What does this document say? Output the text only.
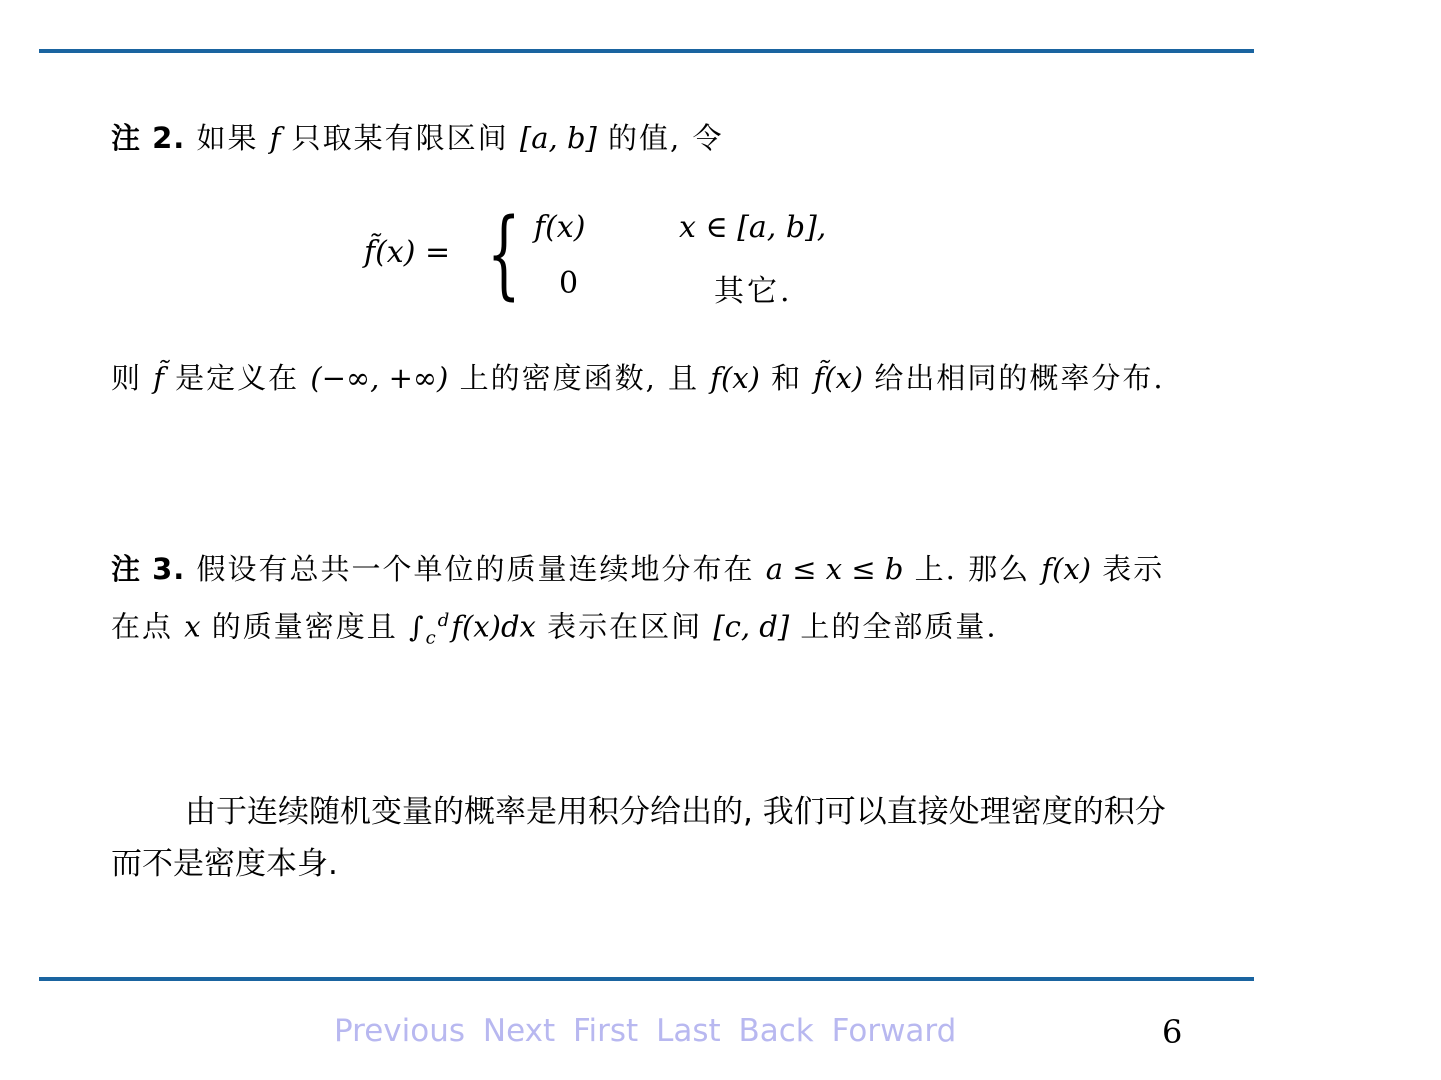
注 2. 如果 f 只取某有限区间 [a, b] 的值, 令
f̃(x) = { f(x)
0
x ∈ [a, b],
其它.
则 f̃ 是定义在 (−∞, +∞) 上的密度函数, 且 f(x) 和 f̃(x) 给出相同的概率分布.
注 3. 假设有总共一个单位的质量连续地分布在 a ≤ x ≤ b 上. 那么 f(x) 表示在点 x 的质量密度且 $\int_c^df(x)dx$ 表示在区间 [c, d] 上的全部质量.
由于连续随机变量的概率是用积分给出的, 我们可以直接处理密度的积分而不是密度本身.
Previous Next First Last Back Forward	6
